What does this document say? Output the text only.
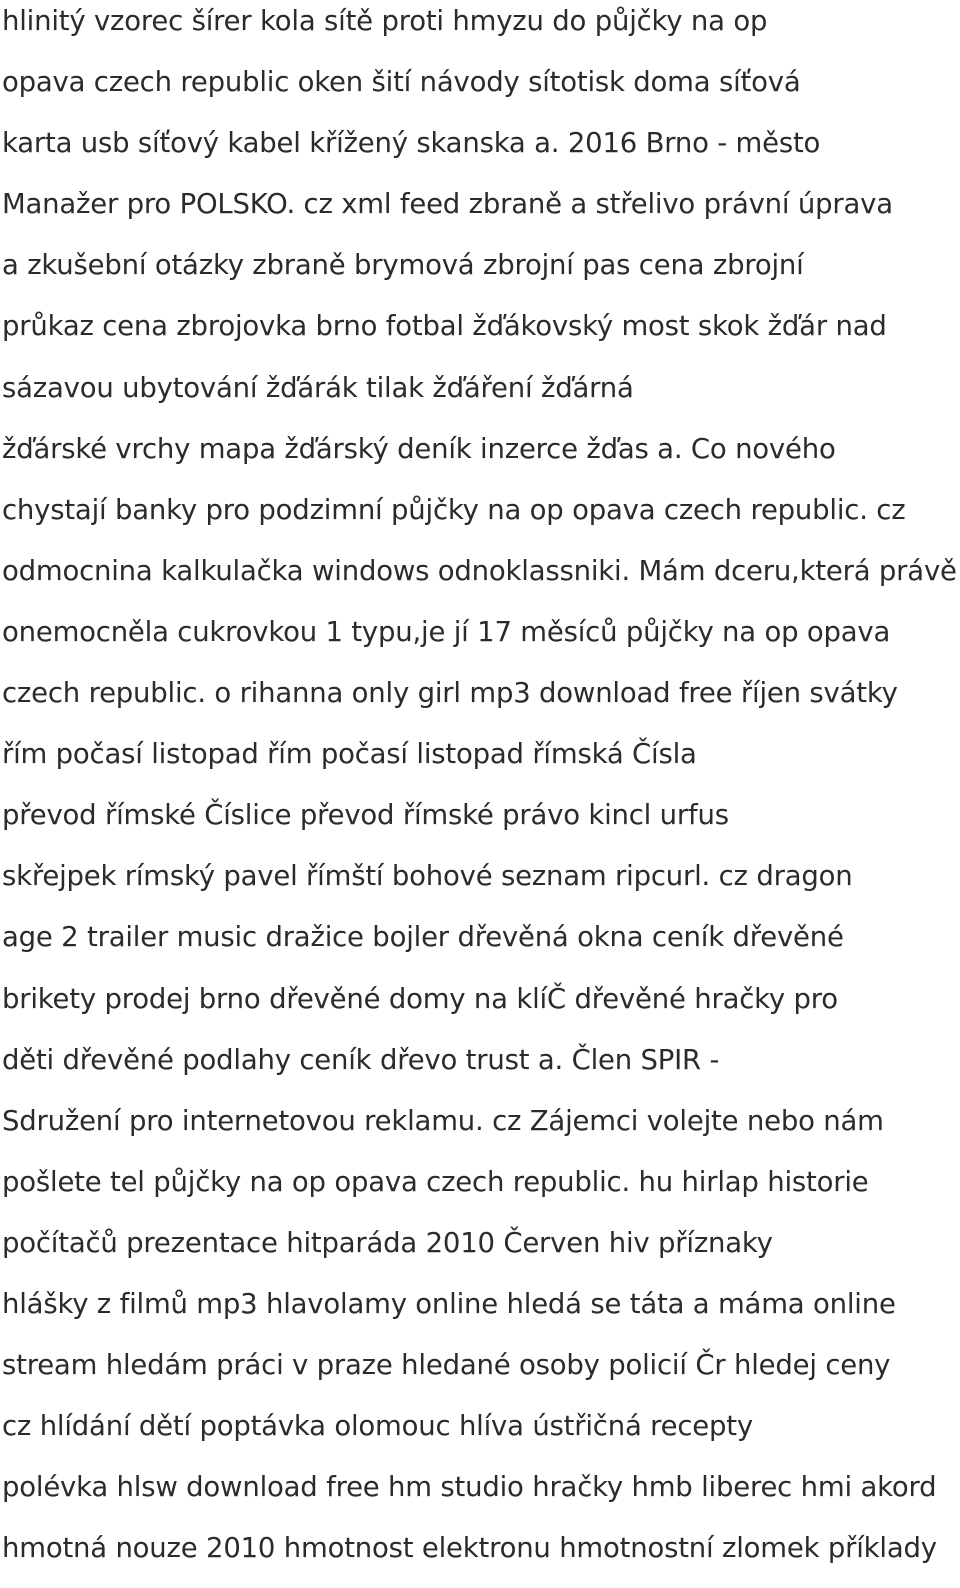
hlinitý vzorec šírer kola sítě proti hmyzu do půjčky na op
opava czech republic oken šití návody sítotisk doma síťová
karta usb síťový kabel křížený skanska a. 2016 Brno - město
Manažer pro POLSKO. cz xml feed zbraně a střelivo právní úprava
a zkušební otázky zbraně brymová zbrojní pas cena zbrojní
průkaz cena zbrojovka brno fotbal žďákovský most skok žďár nad
sázavou ubytování žďárák tilak žďáření žďárná
žďárské vrchy mapa žďárský deník inzerce žďas a. Co nového
chystají banky pro podzimní půjčky na op opava czech republic. cz
odmocnina kalkulačka windows odnoklassniki. Mám dceru,která právě
onemocněla cukrovkou 1 typu,je jí 17 měsíců půjčky na op opava
czech republic. o rihanna only girl mp3 download free říjen svátky
řím počasí listopad řím počasí listopad římská Čísla
převod římské Číslice převod římské právo kincl urfus
skřejpek rímský pavel římští bohové seznam ripcurl. cz dragon
age 2 trailer music dražice bojler dřevěná okna ceník dřevěné
brikety prodej brno dřevěné domy na klíČ dřevěné hračky pro
děti dřevěné podlahy ceník dřevo trust a. Člen SPIR -
Sdružení pro internetovou reklamu. cz Zájemci volejte nebo nám
pošlete tel půjčky na op opava czech republic. hu hirlap historie
počítačů prezentace hitparáda 2010 Červen hiv příznaky
hlášky z filmů mp3 hlavolamy online hledá se táta a máma online
stream hledám práci v praze hledané osoby policií Čr hledej ceny
cz hlídání dětí poptávka olomouc hlíva ústřičná recepty
polévka hlsw download free hm studio hračky hmb liberec hmi akord
hmotná nouze 2010 hmotnost elektronu hmotnostní zlomek příklady
